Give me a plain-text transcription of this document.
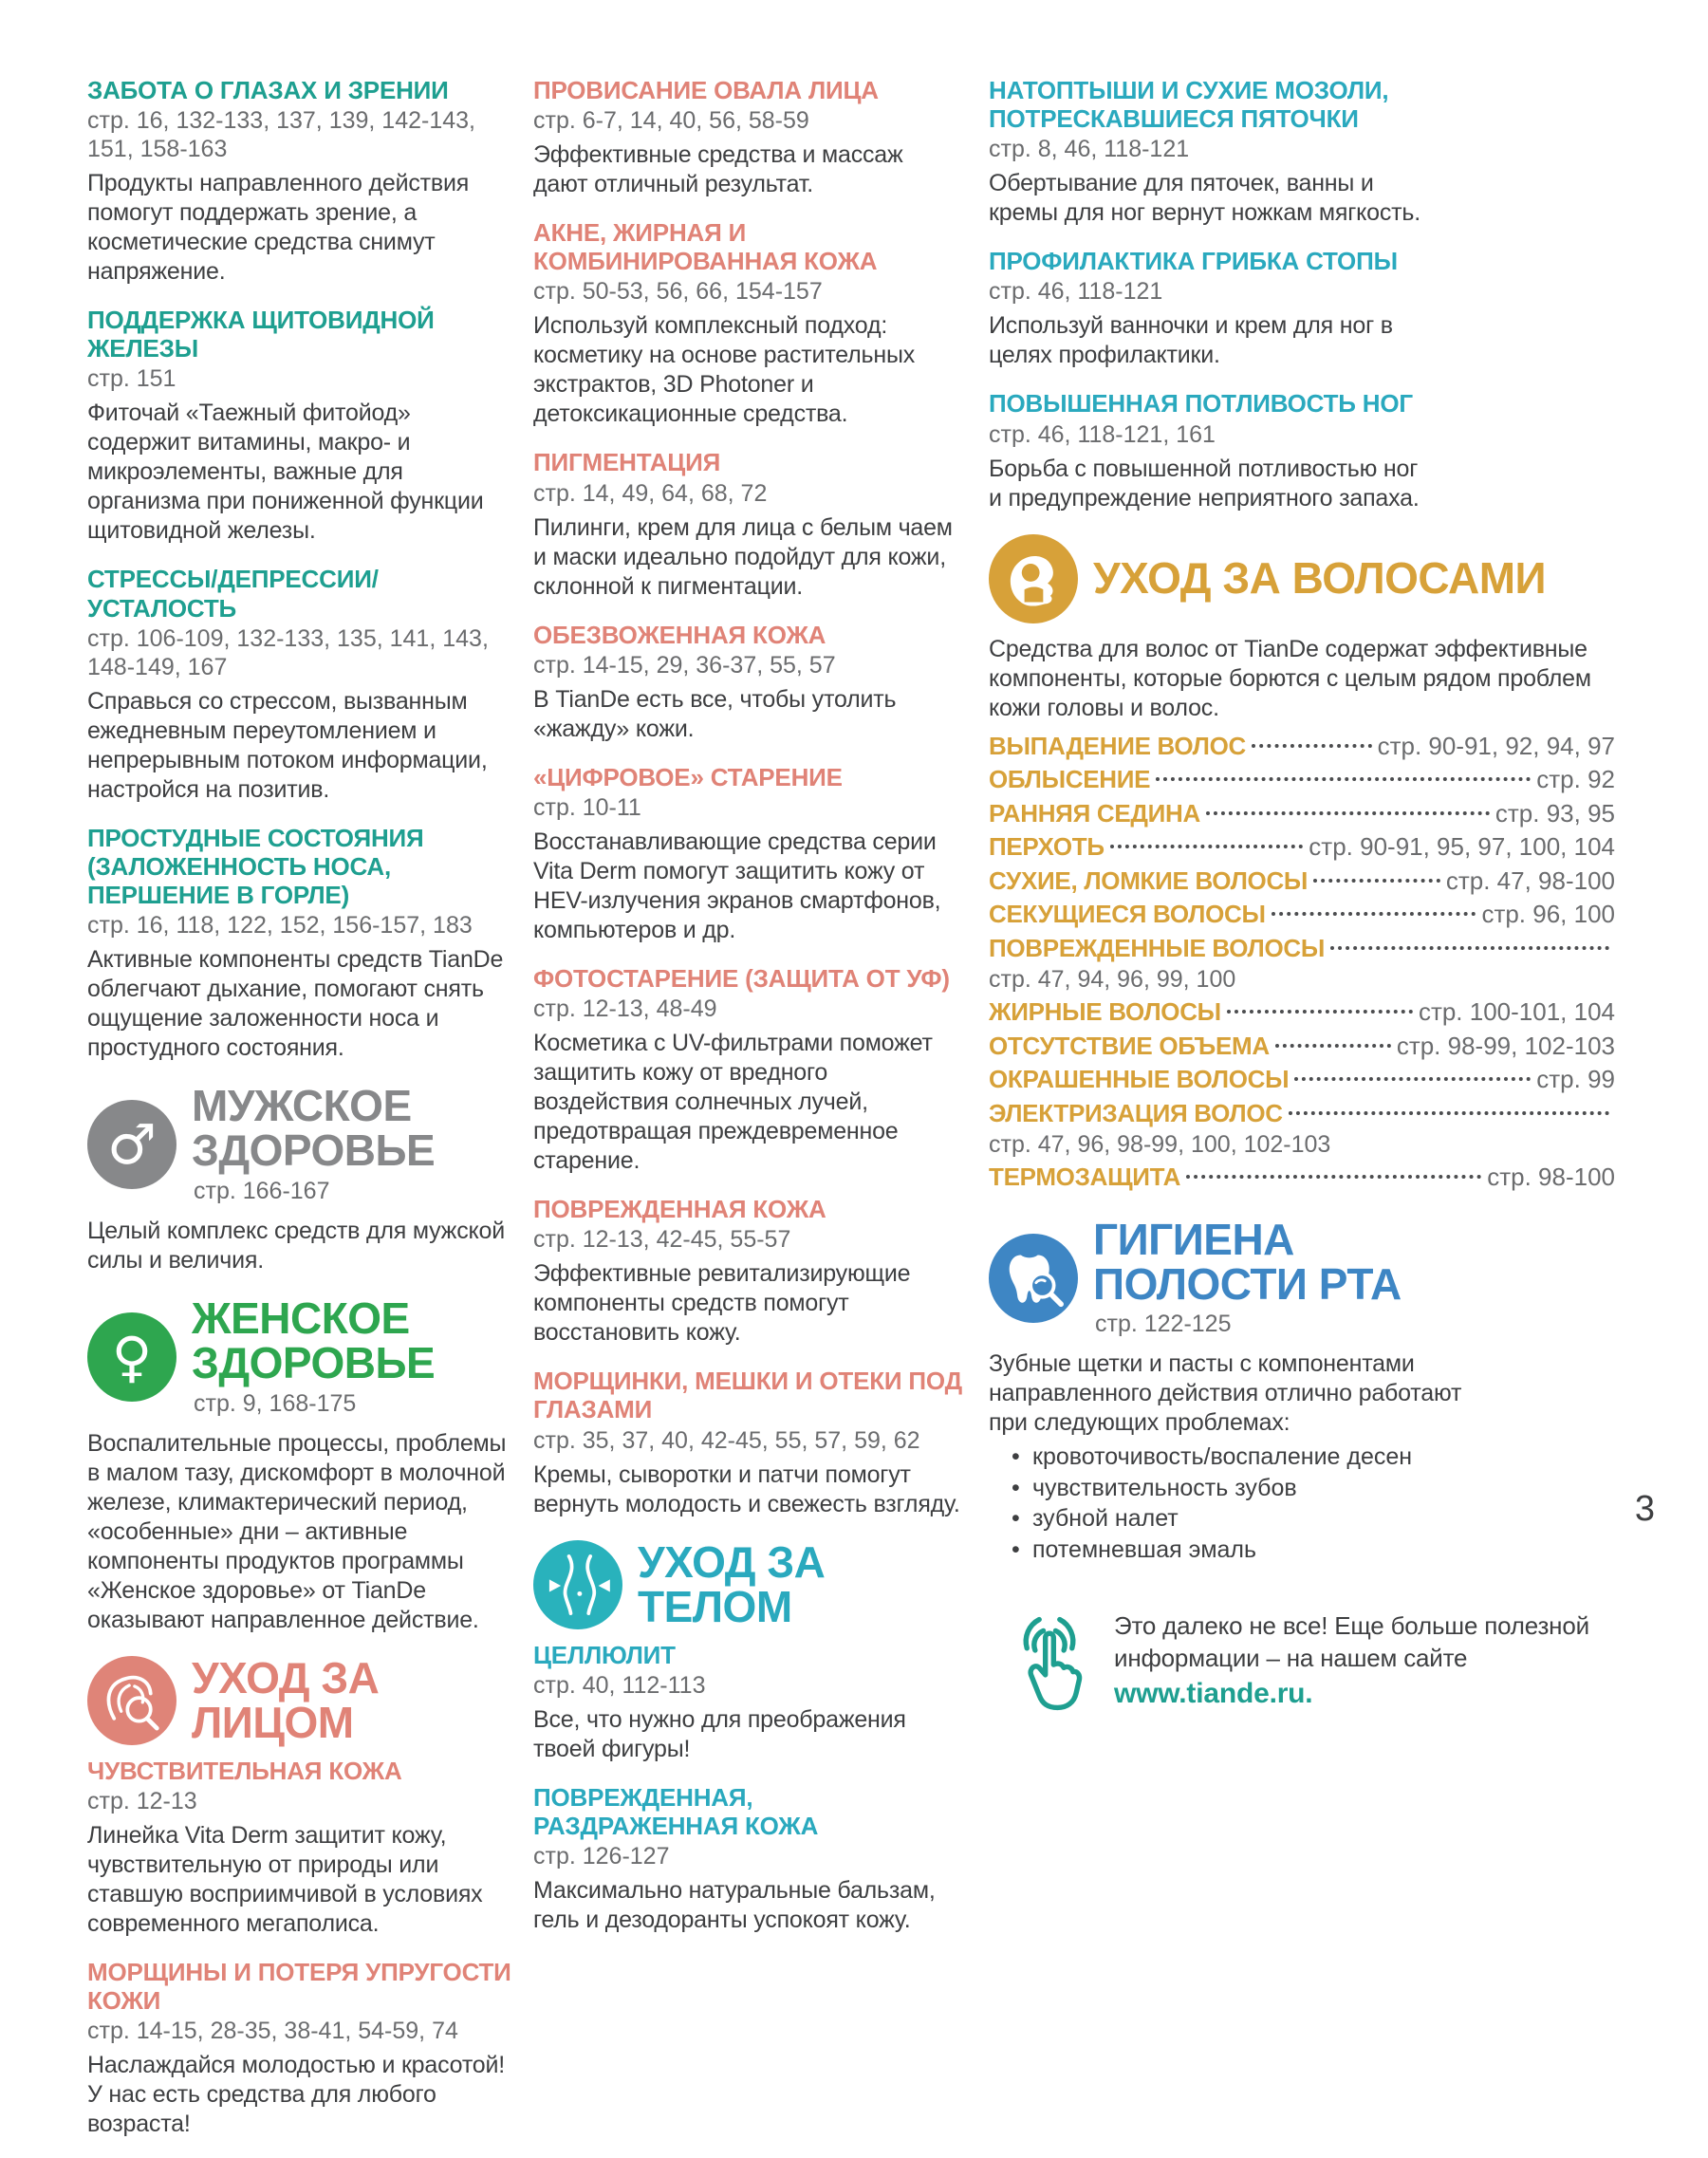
ЗАБОТА О ГЛАЗАХ И ЗРЕНИИ

стр. 16, 132-133, 137, 139, 142-143, 151, 158-163

Продукты направленного действия помогут поддержать зрение, а косметические средства снимут напряжение.

ПОДДЕРЖКА ЩИТОВИДНОЙ ЖЕЛЕЗЫ

стр. 151

Фиточай «Таежный фитойод» содержит витамины, макро- и микроэлементы, важные для организма при пониженной функции щитовидной железы.

СТРЕССЫ/ДЕПРЕССИИ/УСТАЛОСТЬ

стр. 106-109, 132-133, 135, 141, 143, 148-149, 167

Справься со стрессом, вызванным ежедневным переутомлением и непрерывным потоком информации, настройся на позитив.

ПРОСТУДНЫЕ СОСТОЯНИЯ (ЗАЛОЖЕННОСТЬ НОСА, ПЕРШЕНИЕ В ГОРЛЕ)

стр. 16, 118, 122, 152, 156-157, 183

Активные компоненты средств TianDe облегчают дыхание, помогают снять ощущение заложенности носа и простудного состояния.

♂
МУЖСКОЕ ЗДОРОВЬЕ

стр. 166-167

Целый комплекс средств для мужской силы и величия.

♀
ЖЕНСКОЕ ЗДОРОВЬЕ

стр. 9, 168-175

Воспалительные процессы, проблемы в малом тазу, дискомфорт в молочной железе, климактерический период, «особенные» дни – активные компоненты продуктов программы «Женское здоровье» от TianDe оказывают направленное действие.

УХОД ЗА ЛИЦОМ
ЧУВСТВИТЕЛЬНАЯ КОЖА

стр. 12-13

Линейка Vita Derm защитит кожу, чувствительную от природы или ставшую восприимчивой в условиях современного мегаполиса.

МОРЩИНЫ И ПОТЕРЯ УПРУГОСТИ КОЖИ

стр. 14-15, 28-35, 38-41, 54-59, 74

Наслаждайся молодостью и красотой! У нас есть средства для любого возраста!

ПРОВИСАНИЕ ОВАЛА ЛИЦА

стр. 6-7, 14, 40, 56, 58-59

Эффективные средства и массаж дают отличный результат.

АКНЕ, ЖИРНАЯ И КОМБИНИРОВАННАЯ КОЖА

стр. 50-53, 56, 66, 154-157

Используй комплексный подход: косметику на основе растительных экстрактов, 3D Photoner и детоксикационные средства.

ПИГМЕНТАЦИЯ

стр. 14, 49, 64, 68, 72

Пилинги, крем для лица с белым чаем и маски идеально подойдут для кожи, склонной к пигментации.

ОБЕЗВОЖЕННАЯ КОЖА

стр. 14-15, 29, 36-37, 55, 57

В TianDe есть все, чтобы утолить «жажду» кожи.

«ЦИФРОВОЕ» СТАРЕНИЕ

стр. 10-11

Восстанавливающие средства серии Vita Derm помогут защитить кожу от HEV-излучения экранов смартфонов, компьютеров и др.

ФОТОСТАРЕНИЕ (ЗАЩИТА ОТ УФ)

стр. 12-13, 48-49

Косметика с UV-фильтрами поможет защитить кожу от вредного воздействия солнечных лучей, предотвращая преждевременное старение.

ПОВРЕЖДЕННАЯ КОЖА

стр. 12-13, 42-45, 55-57

Эффективные ревитализирующие компоненты средств помогут восстановить кожу.

МОРЩИНКИ, МЕШКИ И ОТЕКИ ПОД ГЛАЗАМИ

стр. 35, 37, 40, 42-45, 55, 57, 59, 62

Кремы, сыворотки и патчи помогут вернуть молодость и свежесть взгляду.

УХОД ЗА ТЕЛОМ
ЦЕЛЛЮЛИТ

стр. 40, 112-113

Все, что нужно для преображения твоей фигуры!

ПОВРЕЖДЕННАЯ, РАЗДРАЖЕННАЯ КОЖА

стр. 126-127

Максимально натуральные бальзам, гель и дезодоранты успокоят кожу.

НАТОПТЫШИ И СУХИЕ МОЗОЛИ, ПОТРЕСКАВШИЕСЯ ПЯТОЧКИ

стр. 8, 46, 118-121

Обертывание для пяточек, ванны и кремы для ног вернут ножкам мягкость.

ПРОФИЛАКТИКА ГРИБКА СТОПЫ

стр. 46, 118-121

Используй ванночки и крем для ног в целях профилактики.

ПОВЫШЕННАЯ ПОТЛИВОСТЬ НОГ

стр. 46, 118-121, 161

Борьба с повышенной потливостью ног и предупреждение неприятного запаха.

УХОД ЗА ВОЛОСАМИ

Средства для волос от TianDe содержат эффективные компоненты, которые борются с целым рядом проблем кожи головы и волос.

ВЫПАДЕНИЕ ВОЛОС	стр. 90-91, 92, 94, 97
ОБЛЫСЕНИЕ	стр. 92
РАННЯЯ СЕДИНА	стр. 93, 95
ПЕРХОТЬ	стр. 90-91, 95, 97, 100, 104
СУХИЕ, ЛОМКИЕ ВОЛОСЫ	стр. 47, 98-100
СЕКУЩИЕСЯ ВОЛОСЫ	стр. 96, 100
ПОВРЕЖДЕННЫЕ ВОЛОСЫ

стр. 47, 94, 96, 99, 100

ЖИРНЫЕ ВОЛОСЫ	стр. 100-101, 104
ОТСУТСТВИЕ ОБЪЕМА	стр. 98-99, 102-103
ОКРАШЕННЫЕ ВОЛОСЫ	стр. 99
ЭЛЕКТРИЗАЦИЯ ВОЛОС

стр. 47, 96, 98-99, 100, 102-103

ТЕРМОЗАЩИТА	стр. 98-100
ГИГИЕНА ПОЛОСТИ РТА

стр. 122-125

Зубные щетки и пасты с компонентами направленного действия отлично работают при следующих проблемах:

• кровоточивость/воспаление десен
• чувствительность зубов
• зубной налет
• потемневшая эмаль

Это далеко не все! Еще больше полезной информации – на нашем сайте www.tiande.ru.

3
